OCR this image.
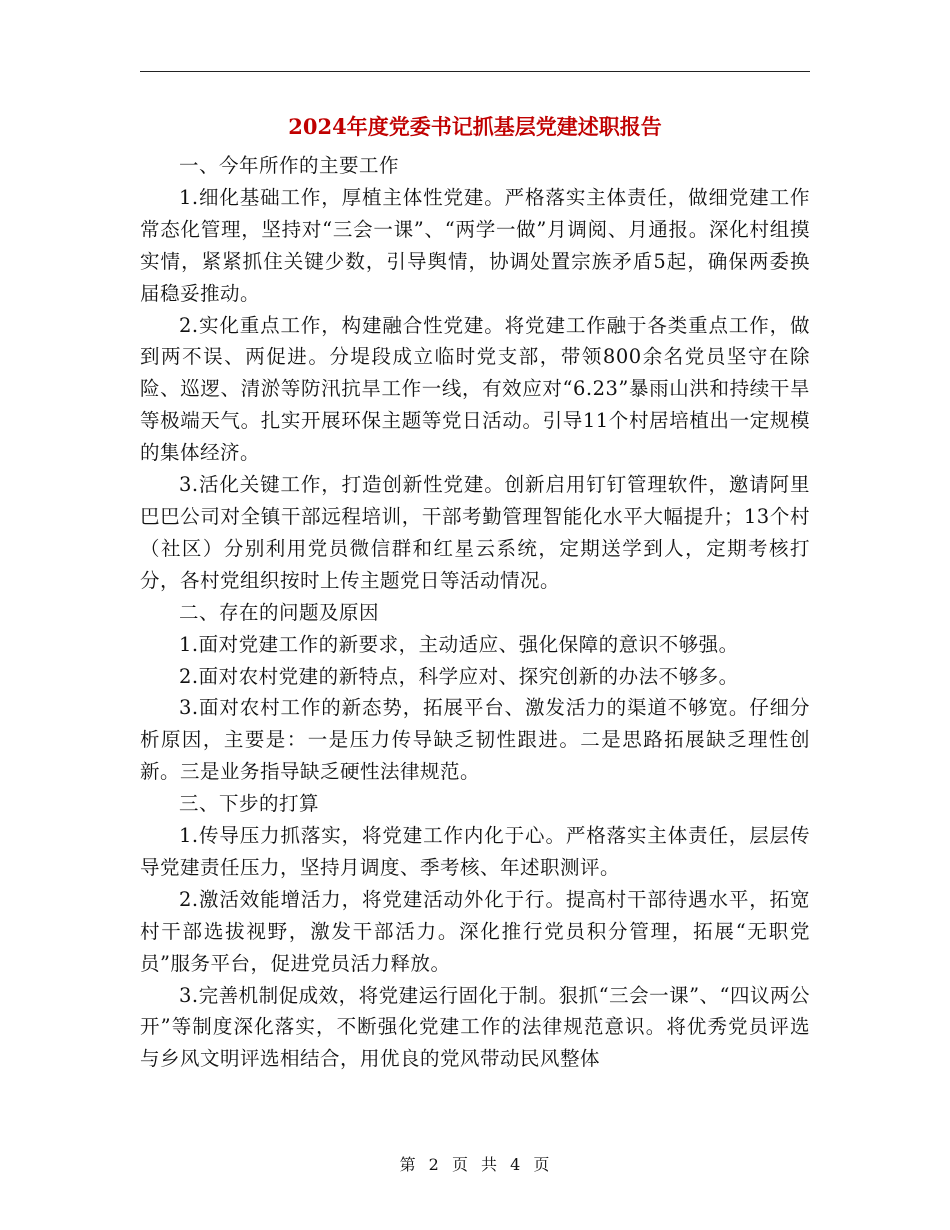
2024年度党委书记抓基层党建述职报告

一、今年所作的主要工作

1.细化基础工作，厚植主体性党建。严格落实主体责任，做细党建工作常态化管理，坚持对“三会一课”、“两学一做”月调阅、月通报。深化村组摸实情，紧紧抓住关键少数，引导舆情，协调处置宗族矛盾5起，确保两委换届稳妥推动。

2.实化重点工作，构建融合性党建。将党建工作融于各类重点工作，做到两不误、两促进。分堤段成立临时党支部，带领800余名党员坚守在除险、巡逻、清淤等防汛抗旱工作一线，有效应对“6.23”暴雨山洪和持续干旱等极端天气。扎实开展环保主题等党日活动。引导11个村居培植出一定规模的集体经济。

3.活化关键工作，打造创新性党建。创新启用钉钉管理软件，邀请阿里巴巴公司对全镇干部远程培训，干部考勤管理智能化水平大幅提升；13个村（社区）分别利用党员微信群和红星云系统，定期送学到人，定期考核打分，各村党组织按时上传主题党日等活动情况。

二、存在的问题及原因

1.面对党建工作的新要求，主动适应、强化保障的意识不够强。

2.面对农村党建的新特点，科学应对、探究创新的办法不够多。

3.面对农村工作的新态势，拓展平台、激发活力的渠道不够宽。仔细分析原因，主要是：一是压力传导缺乏韧性跟进。二是思路拓展缺乏理性创新。三是业务指导缺乏硬性法律规范。

三、下步的打算

1.传导压力抓落实，将党建工作内化于心。严格落实主体责任，层层传导党建责任压力，坚持月调度、季考核、年述职测评。

2.激活效能增活力，将党建活动外化于行。提高村干部待遇水平，拓宽村干部选拔视野，激发干部活力。深化推行党员积分管理，拓展“无职党员”服务平台，促进党员活力释放。

3.完善机制促成效，将党建运行固化于制。狠抓“三会一课”、“四议两公开”等制度深化落实，不断强化党建工作的法律规范意识。将优秀党员评选与乡风文明评选相结合，用优良的党风带动民风整体

第 2 页 共 4 页
